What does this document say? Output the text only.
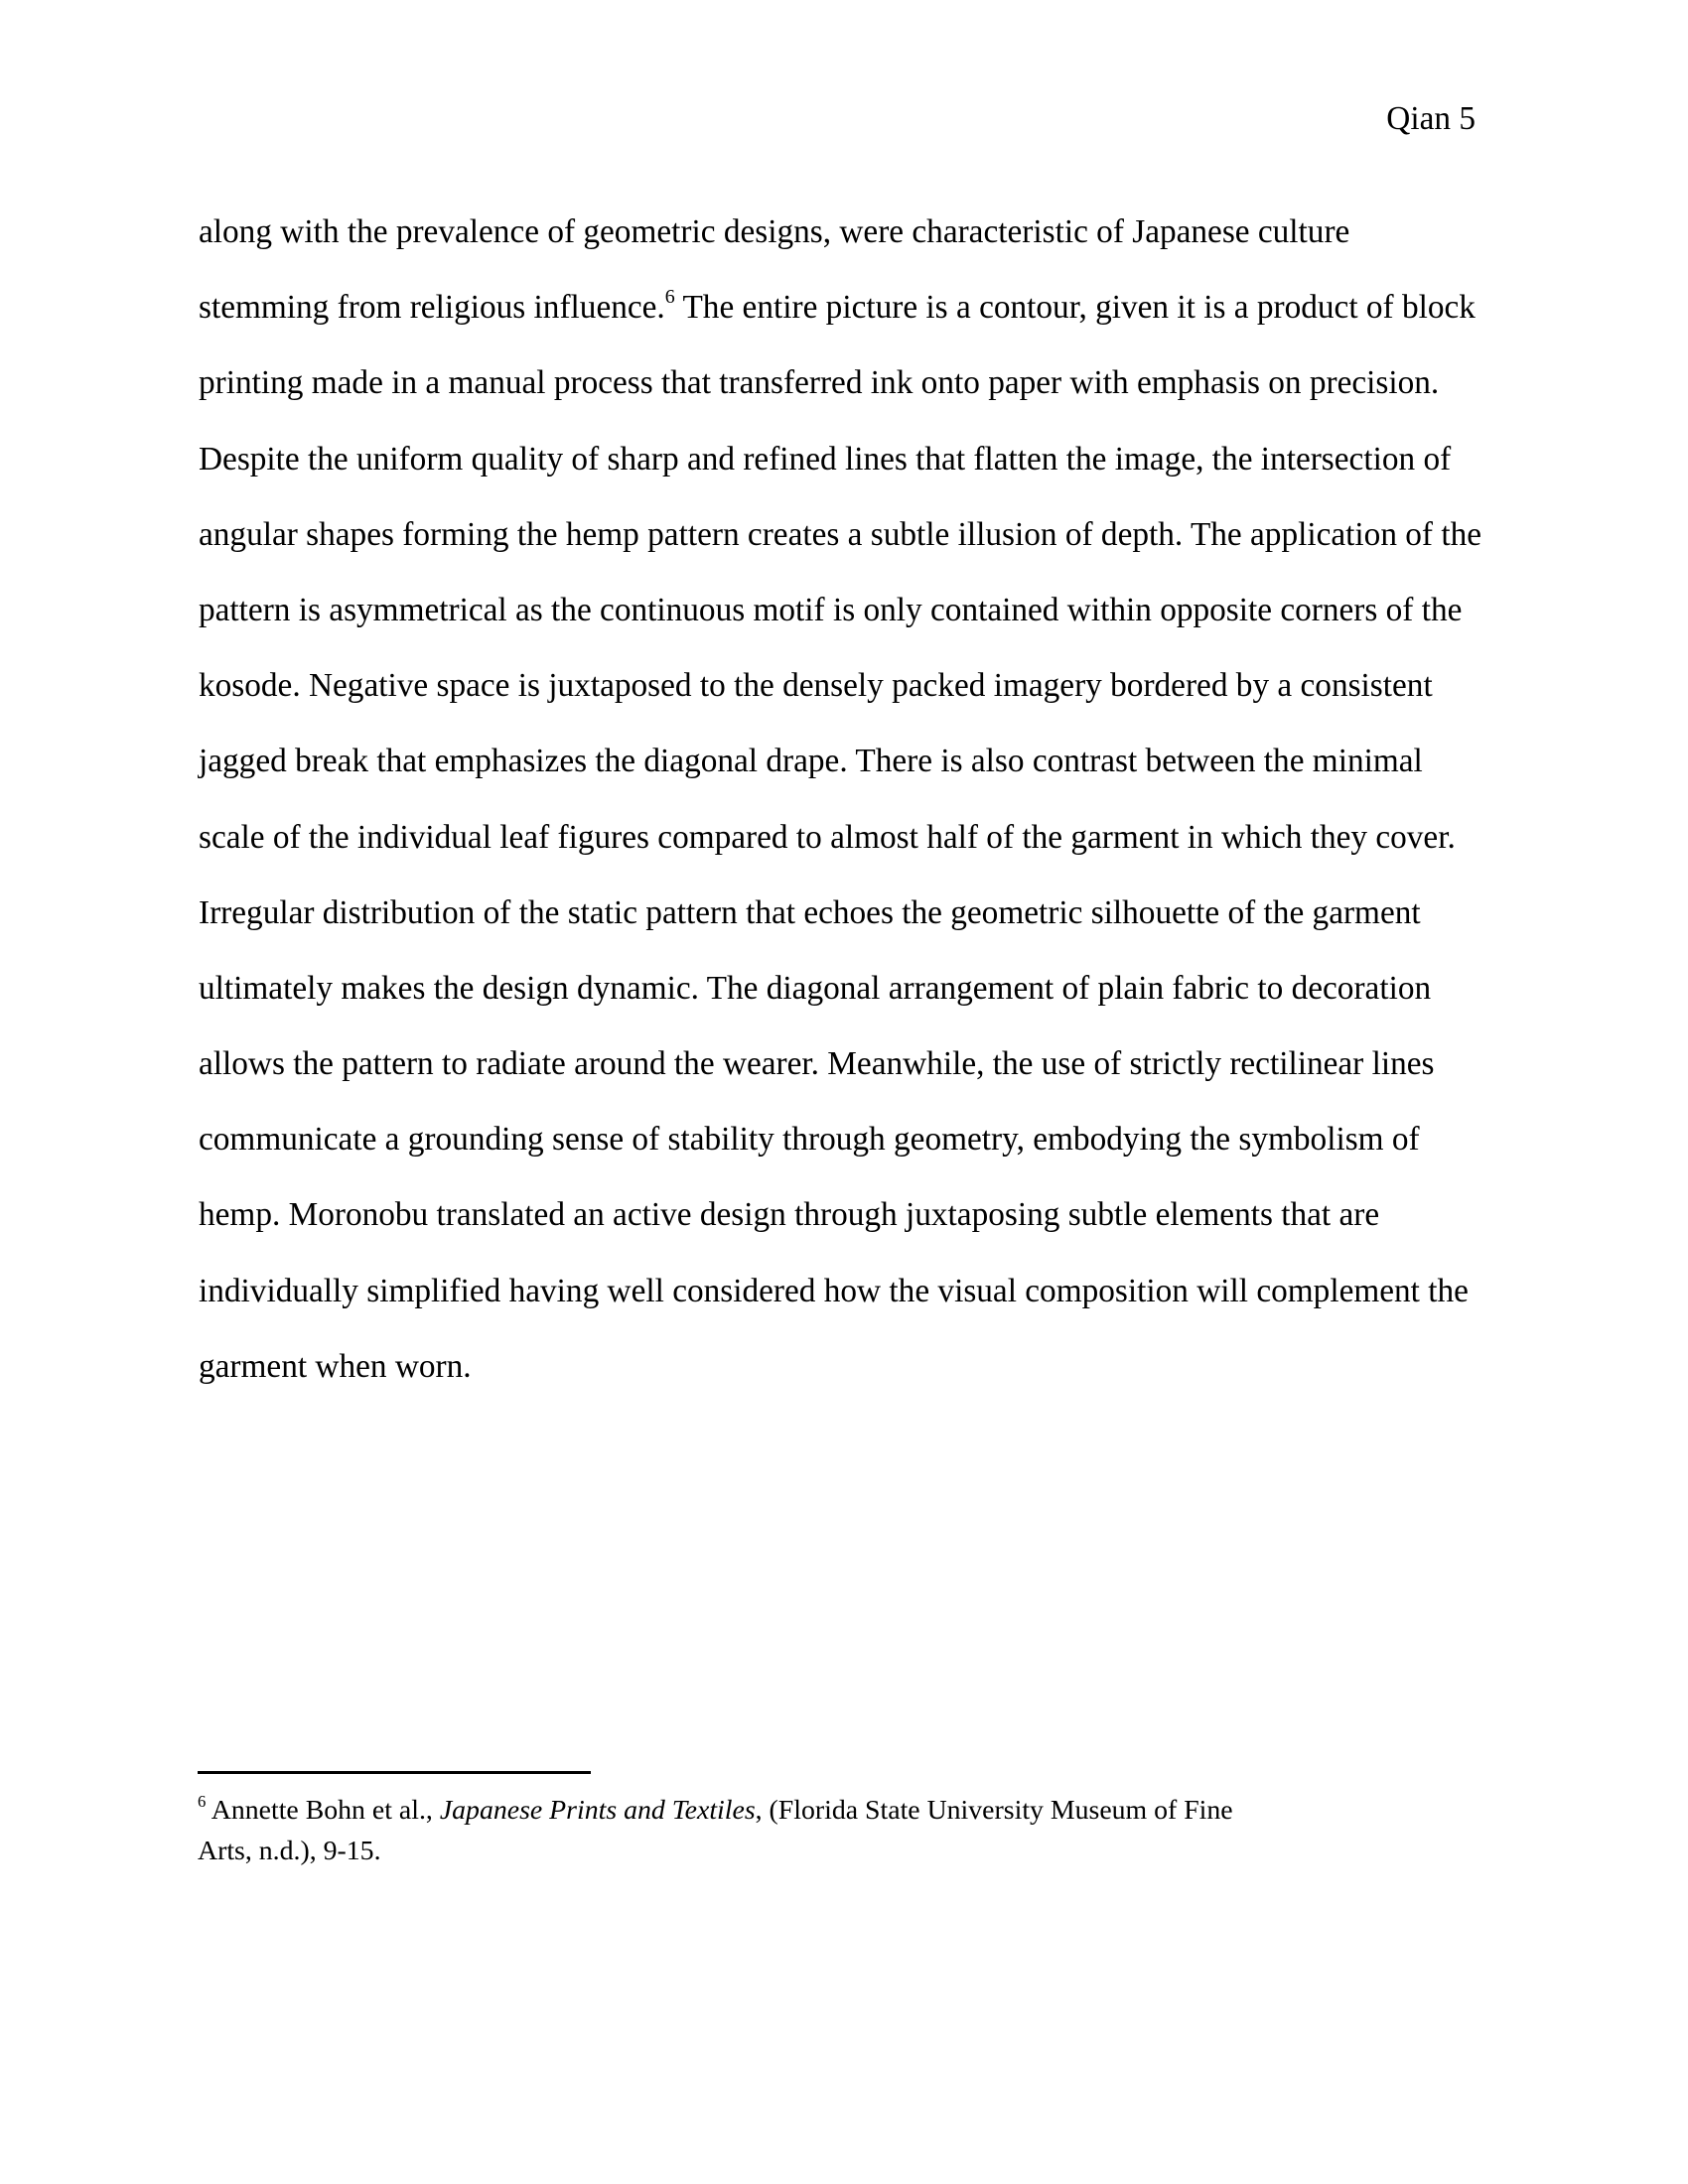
Qian 5
along with the prevalence of geometric designs, were characteristic of Japanese culture
stemming from religious influence.$^6$ The entire picture is a contour, given it is a product of block
printing made in a manual process that transferred ink onto paper with emphasis on precision.
Despite the uniform quality of sharp and refined lines that flatten the image, the intersection of
angular shapes forming the hemp pattern creates a subtle illusion of depth. The application of the
pattern is asymmetrical as the continuous motif is only contained within opposite corners of the
kosode. Negative space is juxtaposed to the densely packed imagery bordered by a consistent
jagged break that emphasizes the diagonal drape. There is also contrast between the minimal
scale of the individual leaf figures compared to almost half of the garment in which they cover.
Irregular distribution of the static pattern that echoes the geometric silhouette of the garment
ultimately makes the design dynamic. The diagonal arrangement of plain fabric to decoration
allows the pattern to radiate around the wearer. Meanwhile, the use of strictly rectilinear lines
communicate a grounding sense of stability through geometry, embodying the symbolism of
hemp. Moronobu translated an active design through juxtaposing subtle elements that are
individually simplified having well considered how the visual composition will complement the
garment when worn.
$^6$ Annette Bohn et al., Japanese Prints and Textiles, (Florida State University Museum of Fine
Arts, n.d.), 9-15.
